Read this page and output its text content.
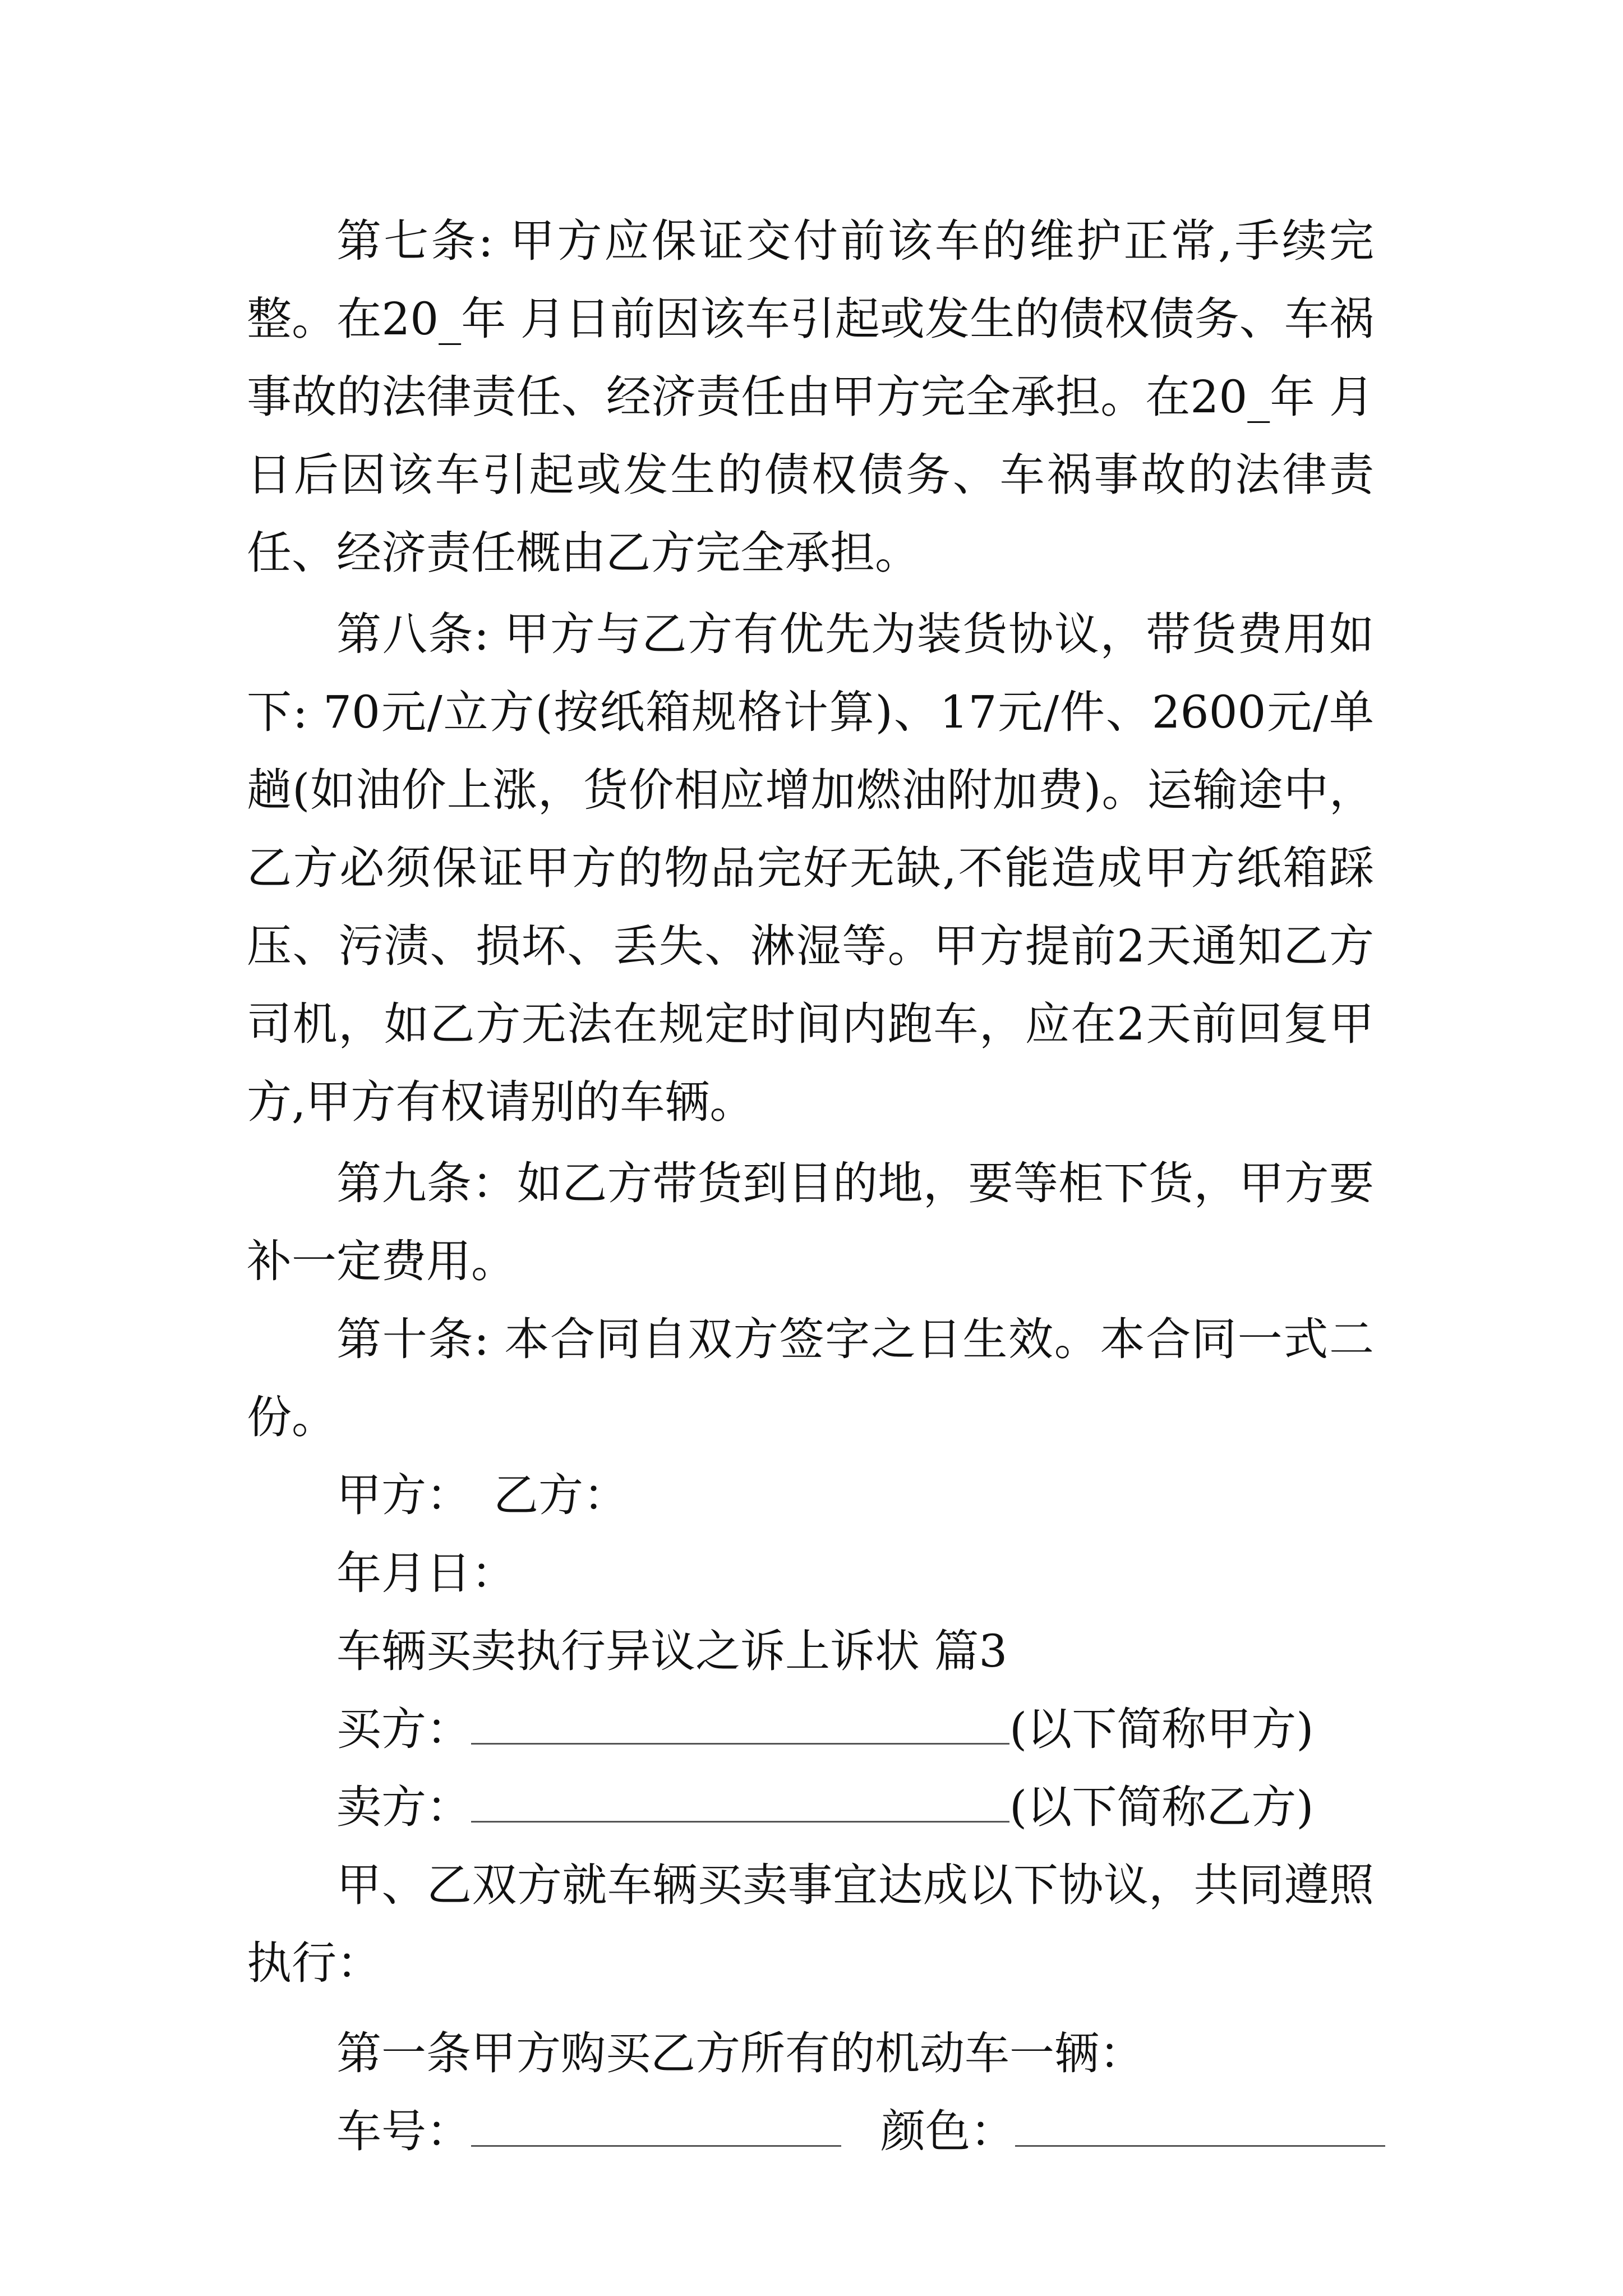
第七条: 甲方应保证交付前该车的维护正常,手续完整。在20_年 月日前因该车引起或发生的债权债务、车祸事故的法律责任、经济责任由甲方完全承担。在20_年 月日后因该车引起或发生的债权债务、车祸事故的法律责任、经济责任概由乙方完全承担。

第八条: 甲方与乙方有优先为装货协议，带货费用如下: 70元/立方(按纸箱规格计算)、17元/件、2600元/单趟(如油价上涨，货价相应增加燃油附加费)。运输途中，乙方必须保证甲方的物品完好无缺,不能造成甲方纸箱踩压、污渍、损坏、丢失、淋湿等。甲方提前2天通知乙方司机，如乙方无法在规定时间内跑车，应在2天前回复甲方,甲方有权请别的车辆。

第九条：如乙方带货到目的地，要等柜下货，甲方要补一定费用。

第十条: 本合同自双方签字之日生效。本合同一式二份。

甲方： 乙方：
年月日：
车辆买卖执行异议之诉上诉状 篇3
买方：	(以下简称甲方)
卖方：	(以下简称乙方)

甲、乙双方就车辆买卖事宜达成以下协议，共同遵照执行：

第一条甲方购买乙方所有的机动车一辆：
车号：	颜色：
